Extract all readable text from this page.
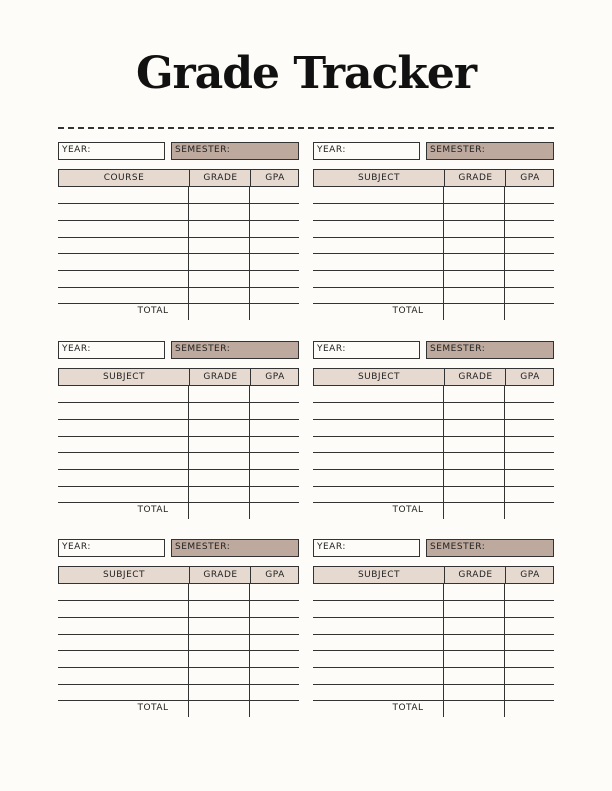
Grade Tracker
YEAR:	SEMESTER:
COURSE	GRADE	GPA
TOTAL
YEAR:	SEMESTER:
SUBJECT	GRADE	GPA
TOTAL
YEAR:	SEMESTER:
SUBJECT	GRADE	GPA
TOTAL
YEAR:	SEMESTER:
SUBJECT	GRADE	GPA
TOTAL
YEAR:	SEMESTER:
SUBJECT	GRADE	GPA
TOTAL
YEAR:	SEMESTER:
SUBJECT	GRADE	GPA
TOTAL
